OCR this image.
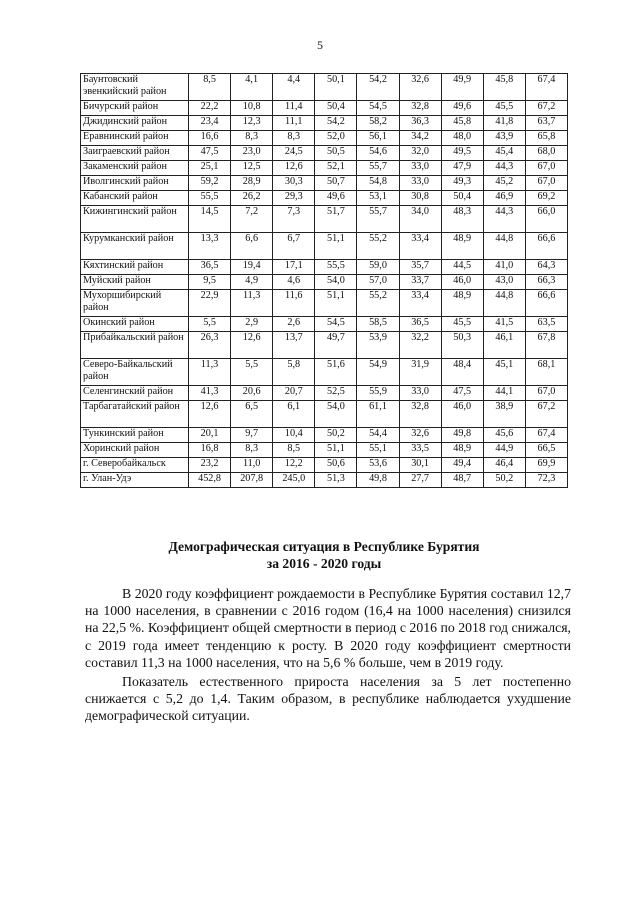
5
Баунтовский эвенкийский район	8,5	4,1	4,4	50,1	54,2	32,6	49,9	45,8	67,4
Бичурский район	22,2	10,8	11,4	50,4	54,5	32,8	49,6	45,5	67,2
Джидинский район	23,4	12,3	11,1	54,2	58,2	36,3	45,8	41,8	63,7
Еравнинский район	16,6	8,3	8,3	52,0	56,1	34,2	48,0	43,9	65,8
Заиграевский район	47,5	23,0	24,5	50,5	54,6	32,0	49,5	45,4	68,0
Закаменский район	25,1	12,5	12,6	52,1	55,7	33,0	47,9	44,3	67,0
Иволгинский район	59,2	28,9	30,3	50,7	54,8	33,0	49,3	45,2	67,0
Кабанский район	55,5	26,2	29,3	49,6	53,1	30,8	50,4	46,9	69,2
Кижингинский район	14,5	7,2	7,3	51,7	55,7	34,0	48,3	44,3	66,0
Курумканский район	13,3	6,6	6,7	51,1	55,2	33,4	48,9	44,8	66,6
Кяхтинский район	36,5	19,4	17,1	55,5	59,0	35,7	44,5	41,0	64,3
Муйский район	9,5	4,9	4,6	54,0	57,0	33,7	46,0	43,0	66,3
Мухоршибирский район	22,9	11,3	11,6	51,1	55,2	33,4	48,9	44,8	66,6
Окинский район	5,5	2,9	2,6	54,5	58,5	36,5	45,5	41,5	63,5
Прибайкальский район	26,3	12,6	13,7	49,7	53,9	32,2	50,3	46,1	67,8
Северо-Байкальский район	11,3	5,5	5,8	51,6	54,9	31,9	48,4	45,1	68,1
Селенгинский район	41,3	20,6	20,7	52,5	55,9	33,0	47,5	44,1	67,0
Тарбагатайский район	12,6	6,5	6,1	54,0	61,1	32,8	46,0	38,9	67,2
Тункинский район	20,1	9,7	10,4	50,2	54,4	32,6	49,8	45,6	67,4
Хоринский район	16,8	8,3	8,5	51,1	55,1	33,5	48,9	44,9	66,5
г. Северобайкальск	23,2	11,0	12,2	50,6	53,6	30,1	49,4	46,4	69,9
г. Улан-Удэ	452,8	207,8	245,0	51,3	49,8	27,7	48,7	50,2	72,3
Демографическая ситуация в Республике Бурятия
за 2016 - 2020 годы

В 2020 году коэффициент рождаемости в Республике Бурятия составил 12,7 на 1000 населения, в сравнении с 2016 годом (16,4 на 1000 населения) снизился на 22,5 %. Коэффициент общей смертности в период с 2016 по 2018 год снижался, с 2019 года имеет тенденцию к росту. В 2020 году коэффициент смертности составил 11,3 на 1000 населения, что на 5,6 % больше, чем в 2019 году.

Показатель естественного прироста населения за 5 лет постепенно снижается с 5,2 до 1,4. Таким образом, в республике наблюдается ухудшение демографической ситуации.
